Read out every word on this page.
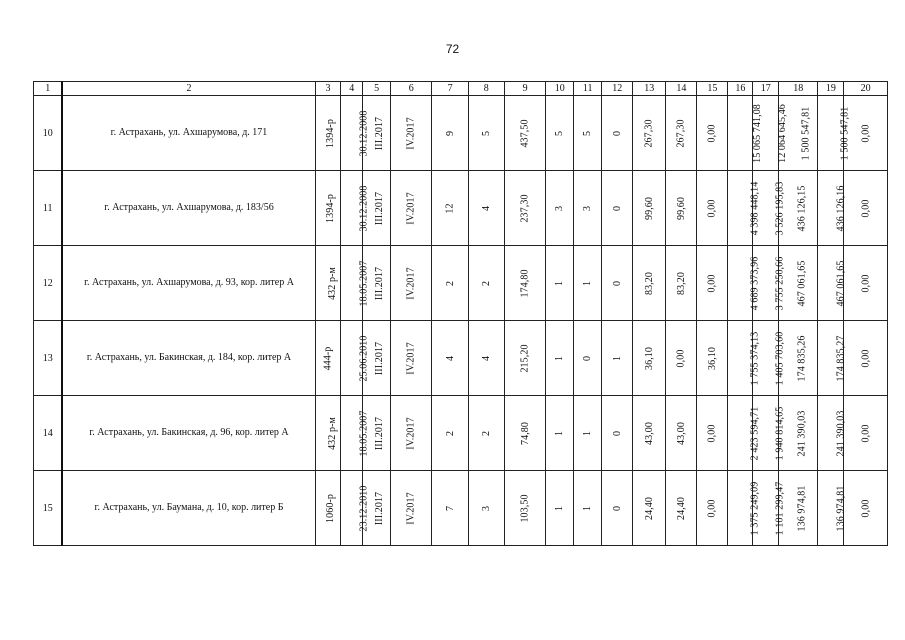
72
1	2	3	4	5	6	7	8	9	10	11	12	13	14	15	16	17	18	19	20
10	г. Астрахань, ул. Ахшарумова, д. 171	1394-р	30.12.2008	III.2017	IV.2017	9	5	437,50	5	5	0	267,30	267,30	0,00	15 065 741,08	12 064 645,46	1 500 547,81	1 500 547,81	0,00
11	г. Астрахань, ул. Ахшарумова, д. 183/56	1394-р	30.12.2008	III.2017	IV.2017	12	4	237,30	3	3	0	99,60	99,60	0,00	4 398 448,14	3 526 195,83	436 126,15	436 126,16	0,00
12	г. Астрахань, ул. Ахшарумова, д. 93, кор. литер А	432 р-м	18.05.2007	III.2017	IV.2017	2	2	174,80	1	1	0	83,20	83,20	0,00	4 689 373,96	3 755 250,66	467 061,65	467 061,65	0,00
13	г. Астрахань, ул. Бакинская, д. 184, кор. литер А	444-р	25.06.2010	III.2017	IV.2017	4	4	215,20	1	0	1	36,10	0,00	36,10	1 755 374,13	1 405 703,60	174 835,26	174 835,27	0,00
14	г. Астрахань, ул. Бакинская, д. 96, кор. литер А	432 р-м	18.05.2007	III.2017	IV.2017	2	2	74,80	1	1	0	43,00	43,00	0,00	2 423 594,71	1 940 814,65	241 390,03	241 390,03	0,00
15	г. Астрахань, ул. Баумана, д. 10, кор. литер Б	1060-р	23.12.2010	III.2017	IV.2017	7	3	103,50	1	1	0	24,40	24,40	0,00	1 375 249,09	1 101 299,47	136 974,81	136 974,81	0,00
